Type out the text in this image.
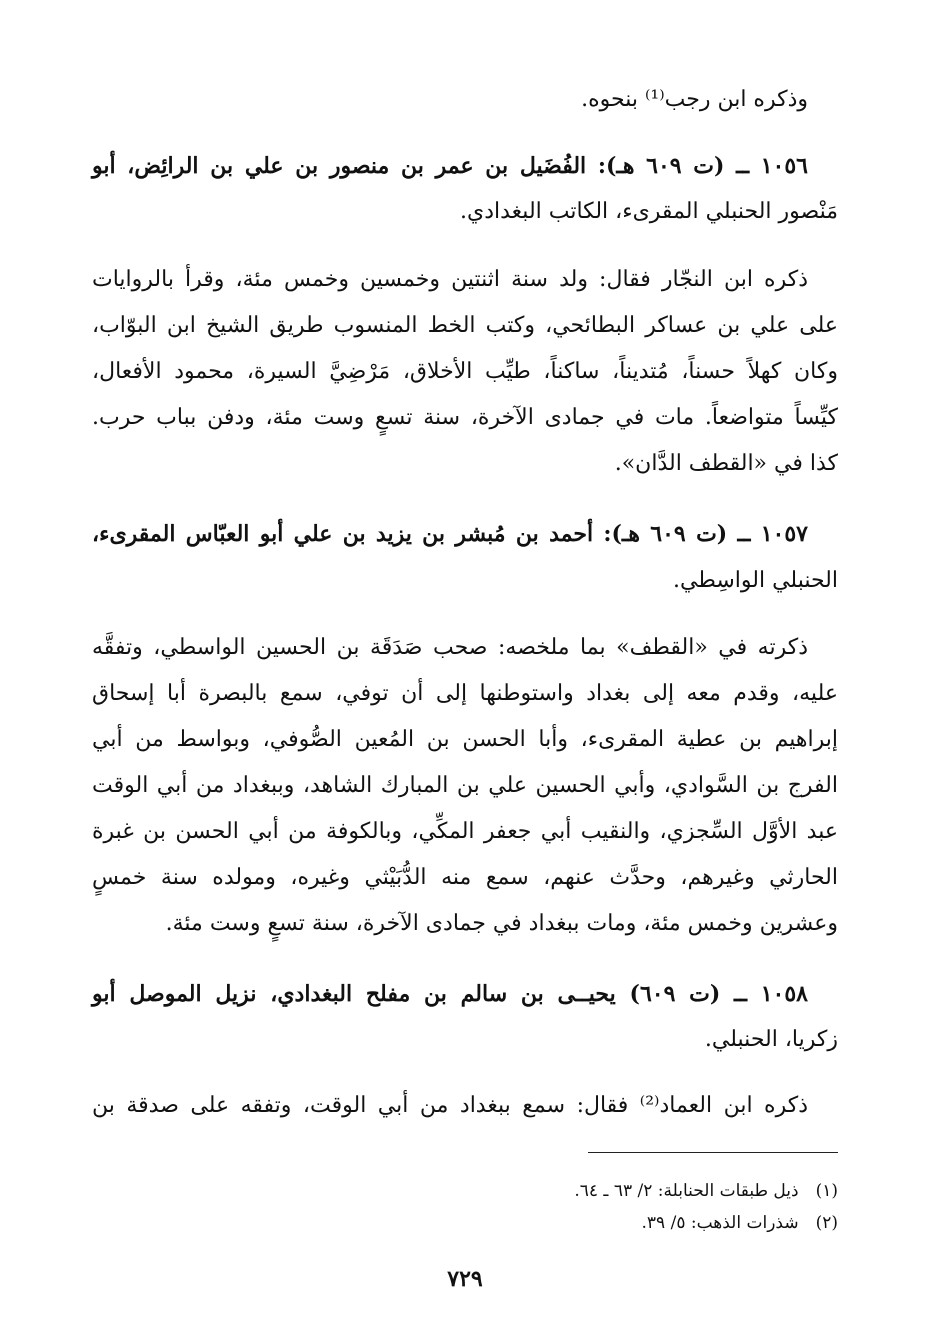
وذكره ابن رجب⁽¹⁾ بنحوه.
١٠٥٦ ــ (ت ٦٠٩ هـ): الفُضَيل بن عمر بن منصور بن علي بن الرائِض، أبو
مَنْصور الحنبلي المقرىء، الكاتب البغدادي.
ذكره ابن النجّار فقال: ولد سنة اثنتين وخمسين وخمس مئة، وقرأ بالروايات
على علي بن عساكر البطائحي، وكتب الخط المنسوب طريق الشيخ ابن البوّاب،
وكان كهلاً حسناً، مُتديناً، ساكناً، طيِّب الأخلاق، مَرْضِيَّ السيرة، محمود الأفعال،
كيِّساً متواضعاً. مات في جمادى الآخرة، سنة تسعٍ وست مئة، ودفن بباب حرب.
كذا في «القطف الدَّان».
١٠٥٧ ــ (ت ٦٠٩ هـ): أحمد بن مُبشر بن يزيد بن علي أبو العبّاس المقرىء،
الحنبلي الواسِطي.
ذكرته في «القطف» بما ملخصه: صحب صَدَقَة بن الحسين الواسطي، وتفقَّه
عليه، وقدم معه إلى بغداد واستوطنها إلى أن توفي، سمع بالبصرة أبا إسحاق
إبراهيم بن عطية المقرىء، وأبا الحسن بن المُعين الصُّوفي، وبواسط من أبي
الفرج بن السَّوادي، وأبي الحسين علي بن المبارك الشاهد، وببغداد من أبي الوقت
عبد الأوَّل السِّجزي، والنقيب أبي جعفر المكِّي، وبالكوفة من أبي الحسن بن غبرة
الحارثي وغيرهم، وحدَّث عنهم، سمع منه الدُّبَيْثي وغيره، ومولده سنة خمسٍ
وعشرين وخمس مئة، ومات ببغداد في جمادى الآخرة، سنة تسعٍ وست مئة.
١٠٥٨ ــ (ت ٦٠٩) يحيــى بن سالم بن مفلح البغدادي، نزيل الموصل أبو
زكريا، الحنبلي.
ذكره ابن العماد⁽²⁾ فقال: سمع ببغداد من أبي الوقت، وتفقه على صدقة بن
(١) ذيل طبقات الحنابلة: ٢/ ٦٣ ـ ٦٤.
(٢) شذرات الذهب: ٥/ ٣٩.
٧٢٩
